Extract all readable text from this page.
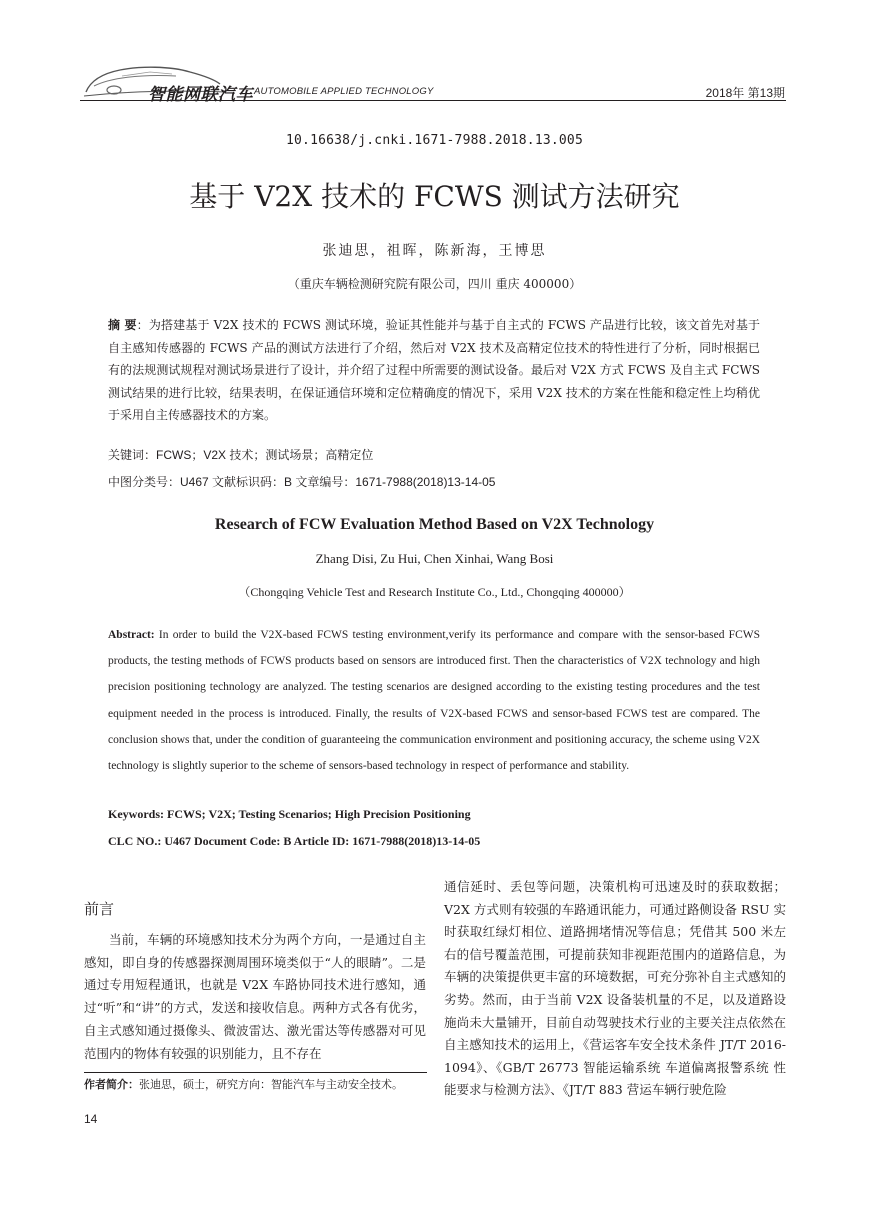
智能网联汽车 AUTOMOBILE APPLIED TECHNOLOGY	2018年 第13期
10.16638/j.cnki.1671-7988.2018.13.005
基于 V2X 技术的 FCWS 测试方法研究
张迪思，祖晖，陈新海，王博思
（重庆车辆检测研究院有限公司，四川 重庆 400000）

摘 要：为搭建基于 V2X 技术的 FCWS 测试环境，验证其性能并与基于自主式的 FCWS 产品进行比较，该文首先对基于自主感知传感器的 FCWS 产品的测试方法进行了介绍，然后对 V2X 技术及高精定位技术的特性进行了分析，同时根据已有的法规测试规程对测试场景进行了设计，并介绍了过程中所需要的测试设备。最后对 V2X 方式 FCWS 及自主式 FCWS 测试结果的进行比较，结果表明，在保证通信环境和定位精确度的情况下，采用 V2X 技术的方案在性能和稳定性上均稍优于采用自主传感器技术的方案。

关键词：FCWS；V2X 技术；测试场景；高精定位
中图分类号：U467 文献标识码：B 文章编号：1671-7988(2018)13-14-05
Research of FCW Evaluation Method Based on V2X Technology
Zhang Disi, Zu Hui, Chen Xinhai, Wang Bosi
（Chongqing Vehicle Test and Research Institute Co., Ltd., Chongqing 400000）
Abstract: In order to build the V2X-based FCWS testing environment,verify its performance and compare with the sensor-based FCWS products, the testing methods of FCWS products based on sensors are introduced first. Then the characteristics of V2X technology and high precision positioning technology are analyzed. The testing scenarios are designed according to the existing testing procedures and the test equipment needed in the process is introduced. Finally, the results of V2X-based FCWS and sensor-based FCWS test are compared. The conclusion shows that, under the condition of guaranteeing the communication environment and positioning accuracy, the scheme using V2X technology is slightly superior to the scheme of sensors-based technology in respect of performance and stability.
Keywords: FCWS; V2X; Testing Scenarios; High Precision Positioning
CLC NO.: U467 Document Code: B Article ID: 1671-7988(2018)13-14-05
前言

当前，车辆的环境感知技术分为两个方向，一是通过自主感知，即自身的传感器探测周围环境类似于“人的眼睛”。二是通过专用短程通讯，也就是 V2X 车路协同技术进行感知，通过“听”和“讲”的方式，发送和接收信息。两种方式各有优劣，自主式感知通过摄像头、微波雷达、激光雷达等传感器对可见范围内的物体有较强的识别能力，且不存在

通信延时、丢包等问题，决策机构可迅速及时的获取数据；V2X 方式则有较强的车路通讯能力，可通过路侧设备 RSU 实时获取红绿灯相位、道路拥堵情况等信息；凭借其 500 米左右的信号覆盖范围，可提前获知非视距范围内的道路信息，为车辆的决策提供更丰富的环境数据，可充分弥补自主式感知的劣势。然而，由于当前 V2X 设备装机量的不足，以及道路设施尚未大量铺开，目前自动驾驶技术行业的主要关注点依然在自主感知技术的运用上，《营运客车安全技术条件 JT/T 2016-1094》、《GB/T 26773 智能运输系统 车道偏离报警系统 性能要求与检测方法》、《JT/T 883 营运车辆行驶危险

作者简介：张迪思，硕士，研究方向：智能汽车与主动安全技术。
14
